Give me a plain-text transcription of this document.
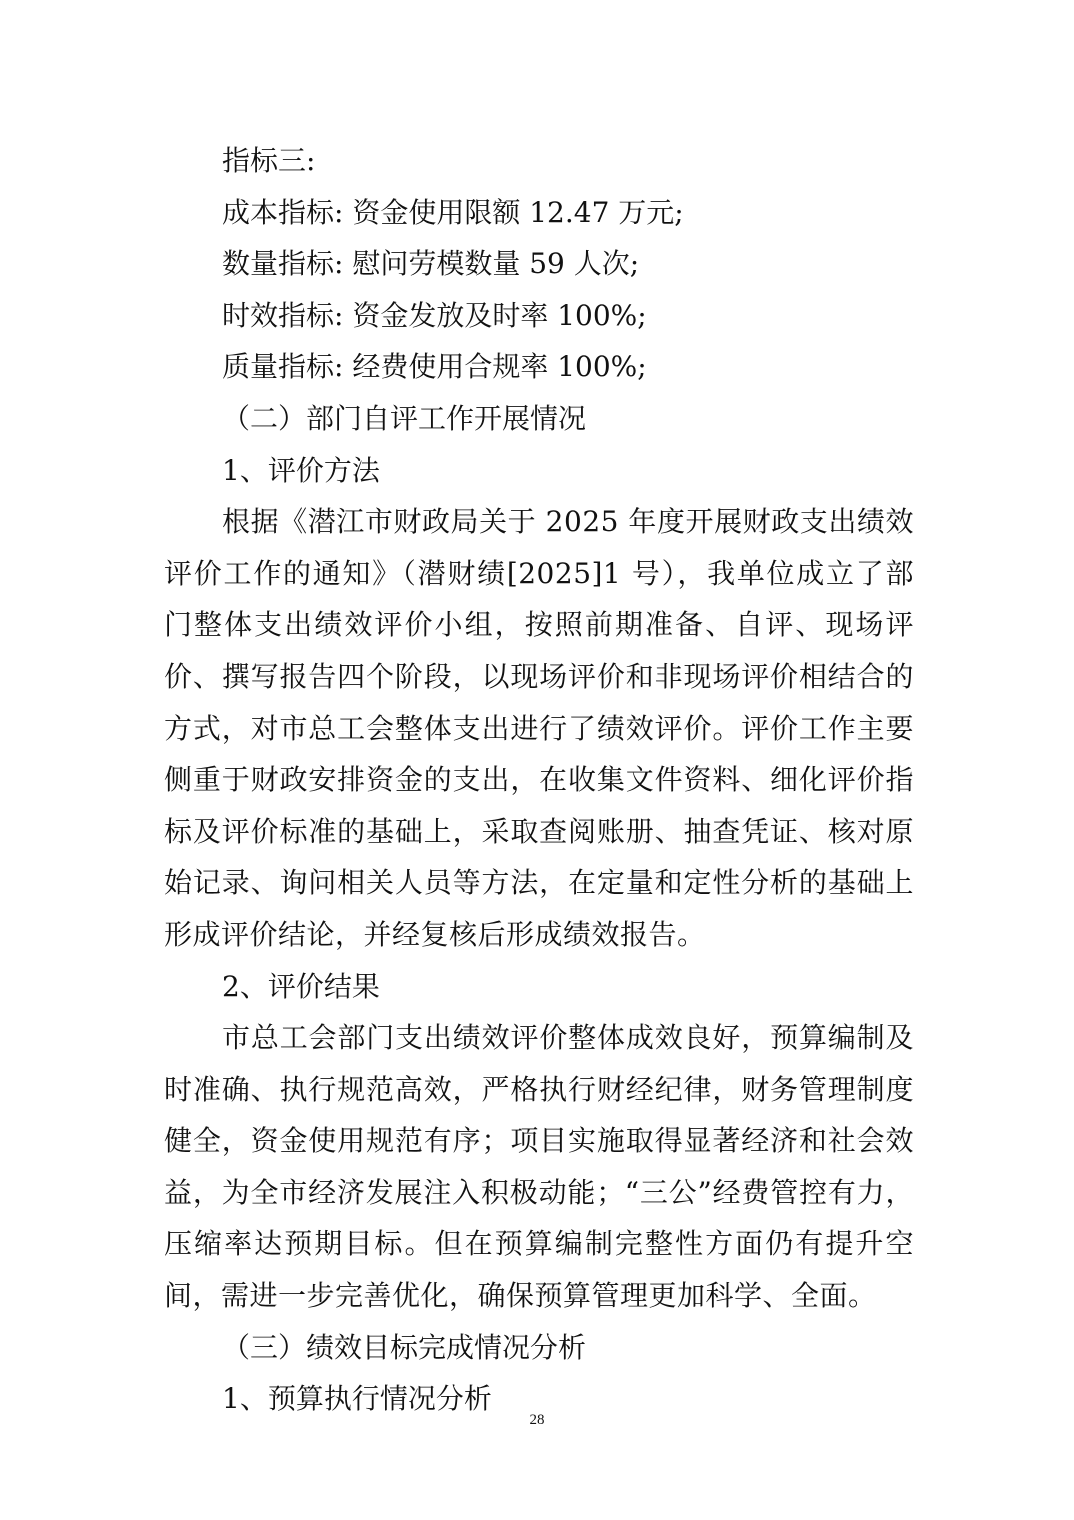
指标三:
成本指标: 资金使用限额 12.47 万元;
数量指标: 慰问劳模数量 59 人次;
时效指标: 资金发放及时率 100%;
质量指标: 经费使用合规率 100%;
（二）部门自评工作开展情况
1、评价方法

根据《潜江市财政局关于 2025 年度开展财政支出绩效评价工作的通知》（潜财绩[2025]1 号），我单位成立了部门整体支出绩效评价小组，按照前期准备、自评、现场评价、撰写报告四个阶段，以现场评价和非现场评价相结合的方式，对市总工会整体支出进行了绩效评价。评价工作主要侧重于财政安排资金的支出，在收集文件资料、细化评价指标及评价标准的基础上，采取查阅账册、抽查凭证、核对原始记录、询问相关人员等方法，在定量和定性分析的基础上形成评价结论，并经复核后形成绩效报告。

2、评价结果

市总工会部门支出绩效评价整体成效良好，预算编制及时准确、执行规范高效，严格执行财经纪律，财务管理制度健全，资金使用规范有序；项目实施取得显著经济和社会效益，为全市经济发展注入积极动能；“三公”经费管控有力，压缩率达预期目标。但在预算编制完整性方面仍有提升空间，需进一步完善优化，确保预算管理更加科学、全面。

（三）绩效目标完成情况分析
1、预算执行情况分析
28
